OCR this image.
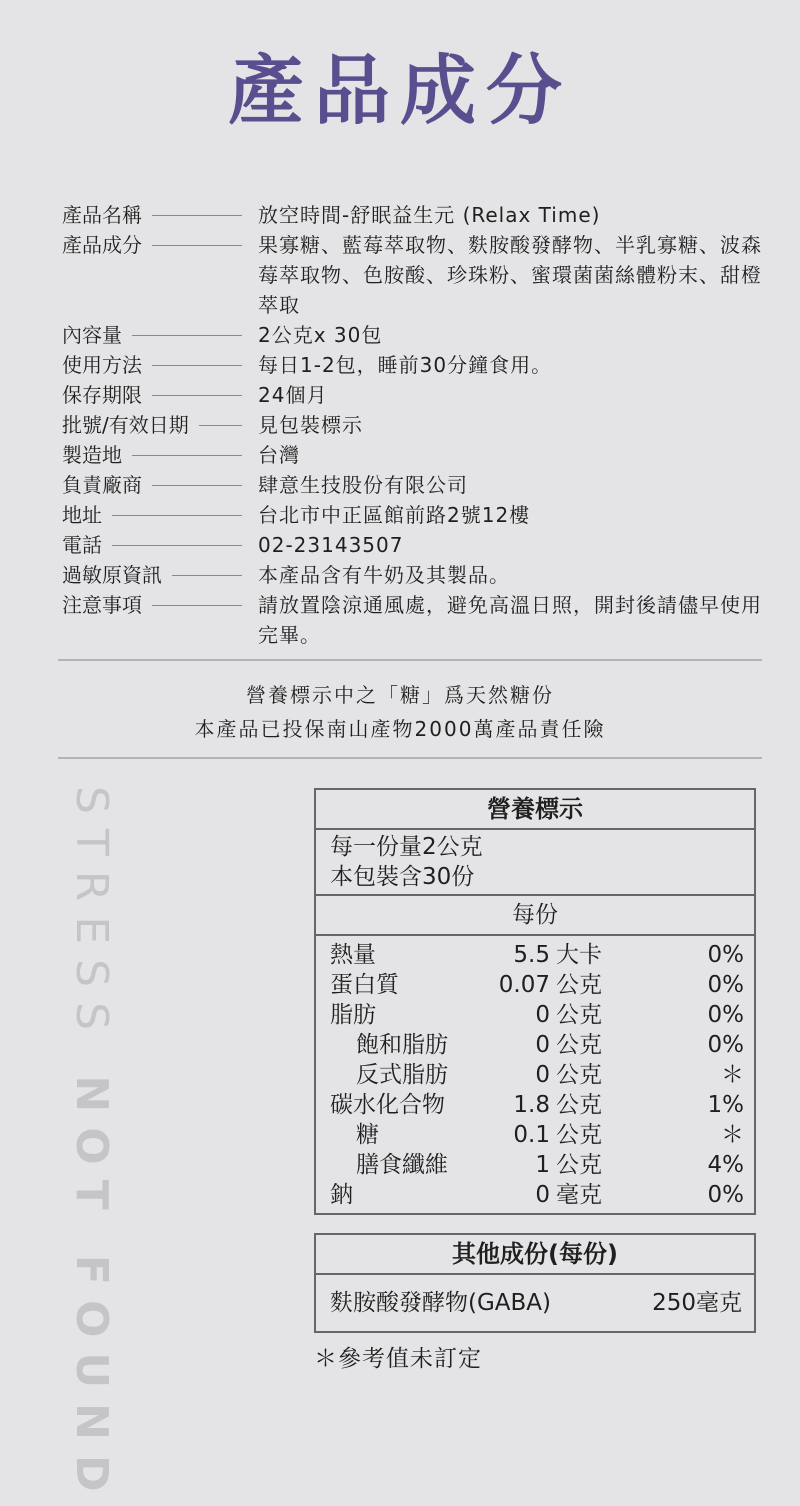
產品成分
產品名稱	放空時間-舒眠益生元 (Relax Time)
產品成分	果寡糖、藍莓萃取物、麩胺酸發酵物、半乳寡糖、波森莓萃取物、色胺酸、珍珠粉、蜜環菌菌絲體粉末、甜橙萃取
內容量	2公克x 30包
使用方法	每日1-2包，睡前30分鐘食用。
保存期限	24個月
批號/有效日期	見包裝標示
製造地	台灣
負責廠商	肆意生技股份有限公司
地址	台北市中正區館前路2號12樓
電話	02-23143507
過敏原資訊	本產品含有牛奶及其製品。
注意事項	請放置陰涼通風處，避免高溫日照，開封後請儘早使用完畢。
營養標示中之「糖」爲天然糖份
本產品已投保南山產物2000萬產品責任險
STRESS NOT FOUND
營養標示
每一份量2公克
本包裝含30份
每份
熱量	5.5 大卡	0%
蛋白質	0.07 公克	0%
脂肪	0 公克	0%
飽和脂肪	0 公克	0%
反式脂肪	0 公克	＊
碳水化合物	1.8 公克	1%
糖	0.1 公克	＊
膳食纖維	1 公克	4%
鈉	0 毫克	0%
其他成份(每份)
麩胺酸發酵物(GABA)	250毫克
＊參考值未訂定
